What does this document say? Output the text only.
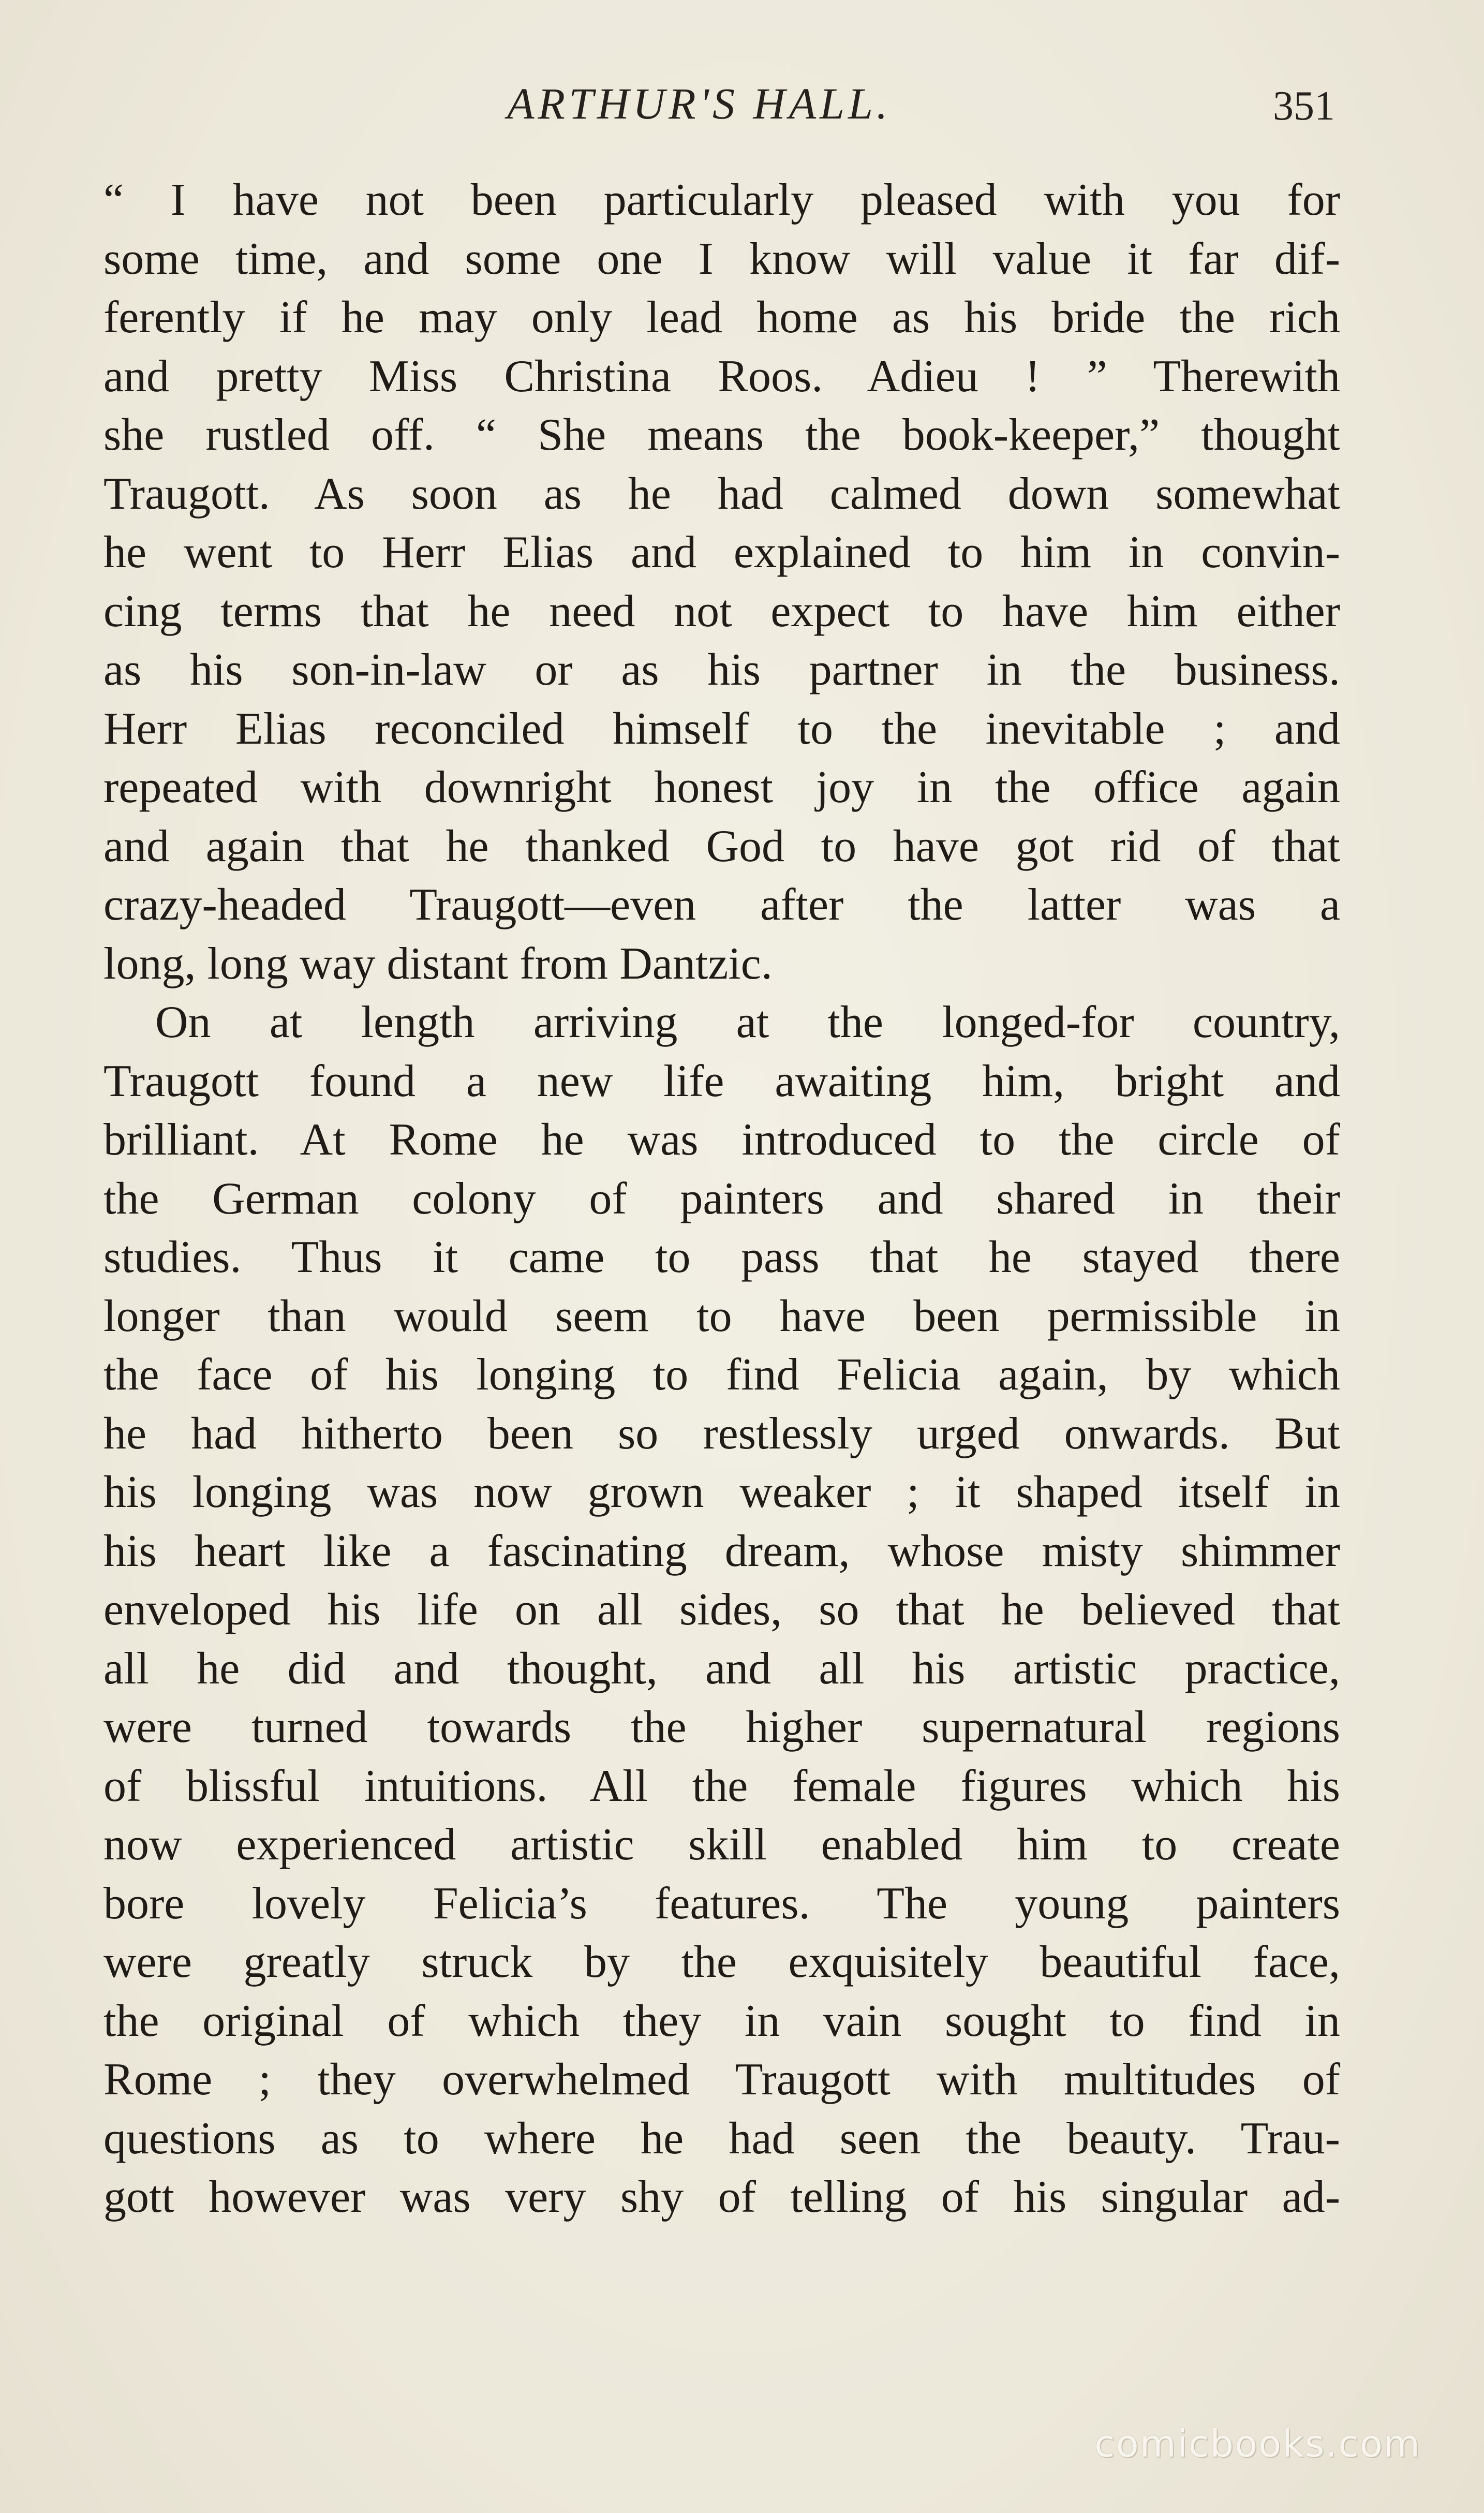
ARTHUR'S HALL.	351
“ I have not been particularly pleased with you for
some time, and some one I know will value it far dif-
ferently if he may only lead home as his bride the rich
and pretty Miss Christina Roos. Adieu ! ” Therewith
she rustled off. “ She means the book-keeper,” thought
Traugott. As soon as he had calmed down somewhat
he went to Herr Elias and explained to him in convin-
cing terms that he need not expect to have him either
as his son-in-law or as his partner in the business.
Herr Elias reconciled himself to the inevitable ; and
repeated with downright honest joy in the office again
and again that he thanked God to have got rid of that
crazy-headed Traugott—even after the latter was a
long, long way distant from Dantzic.
On at length arriving at the longed-for country,
Traugott found a new life awaiting him, bright and
brilliant. At Rome he was introduced to the circle of
the German colony of painters and shared in their
studies. Thus it came to pass that he stayed there
longer than would seem to have been permissible in
the face of his longing to find Felicia again, by which
he had hitherto been so restlessly urged onwards. But
his longing was now grown weaker ; it shaped itself in
his heart like a fascinating dream, whose misty shimmer
enveloped his life on all sides, so that he believed that
all he did and thought, and all his artistic practice,
were turned towards the higher supernatural regions
of blissful intuitions. All the female figures which his
now experienced artistic skill enabled him to create
bore lovely Felicia’s features. The young painters
were greatly struck by the exquisitely beautiful face,
the original of which they in vain sought to find in
Rome ; they overwhelmed Traugott with multitudes of
questions as to where he had seen the beauty. Trau-
gott however was very shy of telling of his singular ad-
comicbooks.com
